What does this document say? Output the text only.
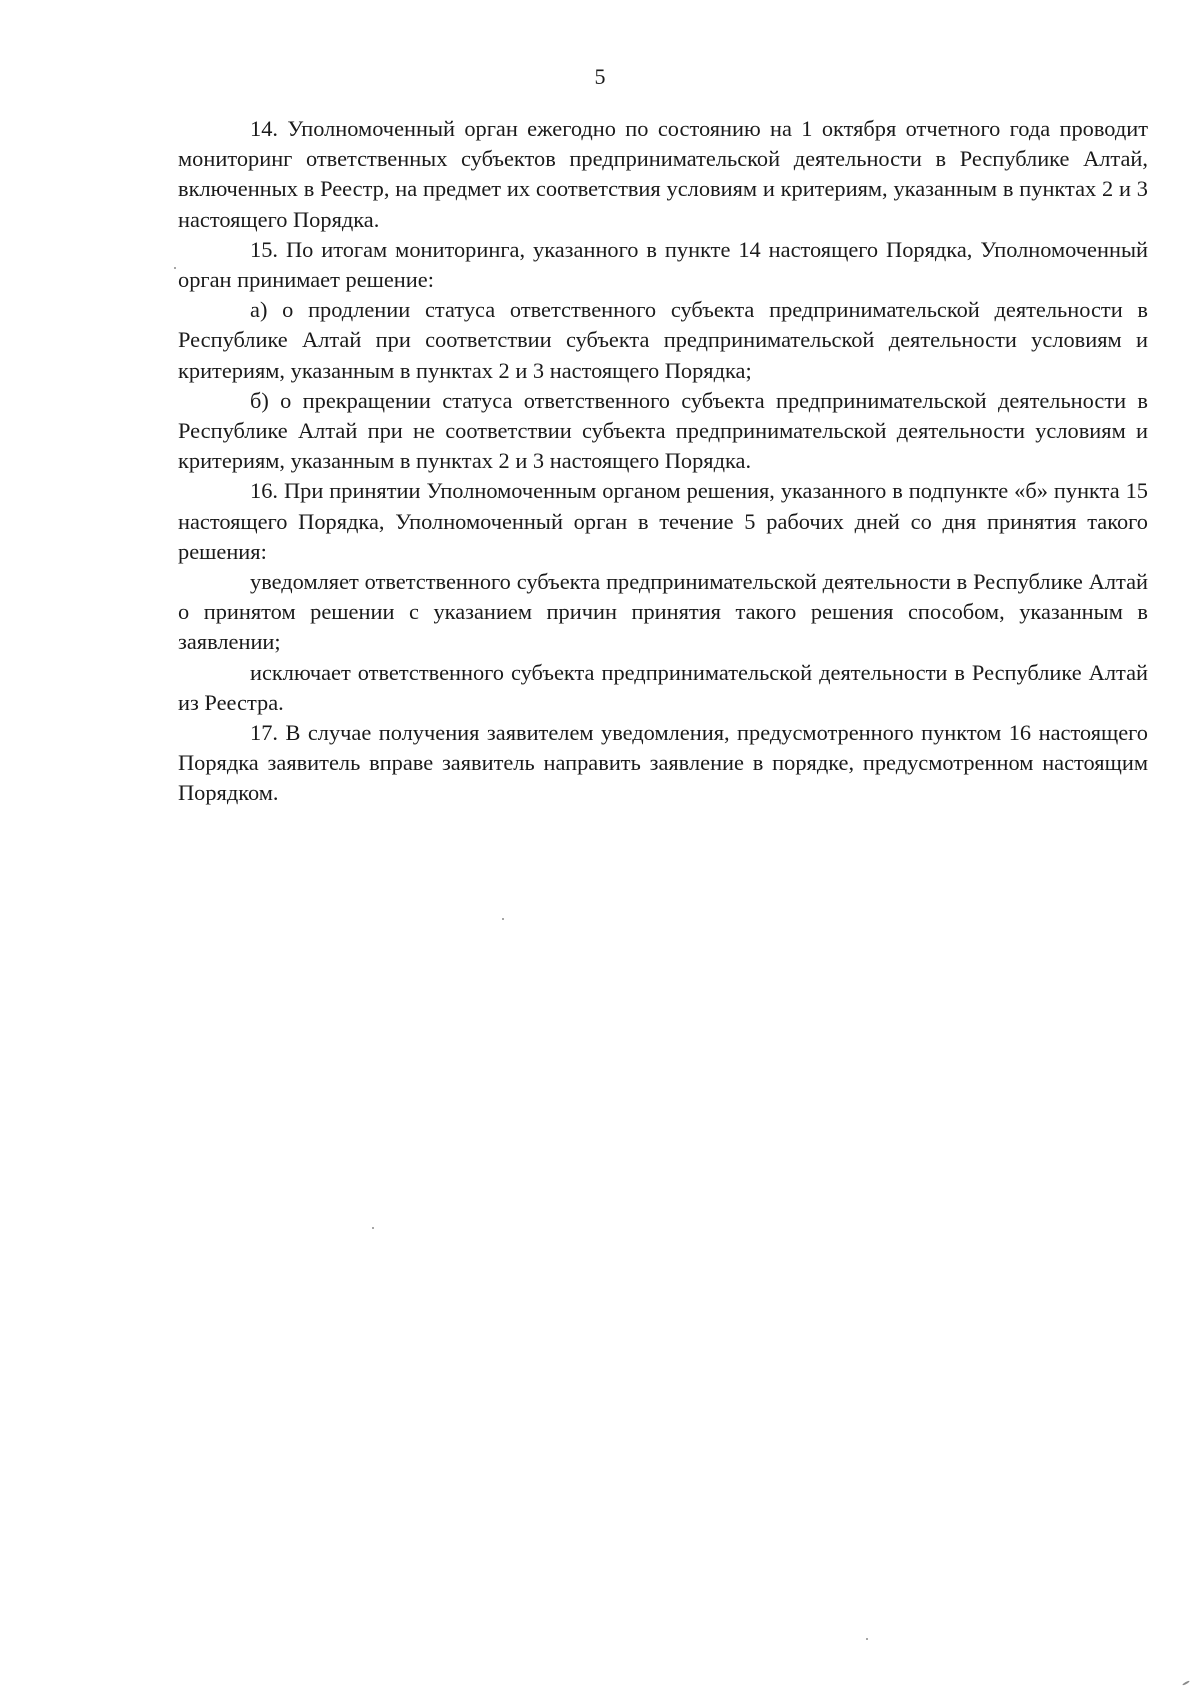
5

14. Уполномоченный орган ежегодно по состоянию на 1 октября отчетного года проводит мониторинг ответственных субъектов предпринимательской деятельности в Республике Алтай, включенных в Реестр, на предмет их соответствия условиям и критериям, указанным в пунктах 2 и 3 настоящего Порядка.

15. По итогам мониторинга, указанного в пункте 14 настоящего Порядка, Уполномоченный орган принимает решение:

а) о продлении статуса ответственного субъекта предпринимательской деятельности в Республике Алтай при соответствии субъекта предпринимательской деятельности условиям и критериям, указанным в пунктах 2 и 3 настоящего Порядка;

б) о прекращении статуса ответственного субъекта предпринимательской деятельности в Республике Алтай при не соответствии субъекта предпринимательской деятельности условиям и критериям, указанным в пунктах 2 и 3 настоящего Порядка.

16. При принятии Уполномоченным органом решения, указанного в подпункте «б» пункта 15 настоящего Порядка, Уполномоченный орган в течение 5 рабочих дней со дня принятия такого решения:

уведомляет ответственного субъекта предпринимательской деятельности в Республике Алтай о принятом решении с указанием причин принятия такого решения способом, указанным в заявлении;

исключает ответственного субъекта предпринимательской деятельности в Республике Алтай из Реестра.

17. В случае получения заявителем уведомления, предусмотренного пунктом 16 настоящего Порядка заявитель вправе заявитель направить заявление в порядке, предусмотренном настоящим Порядком.
